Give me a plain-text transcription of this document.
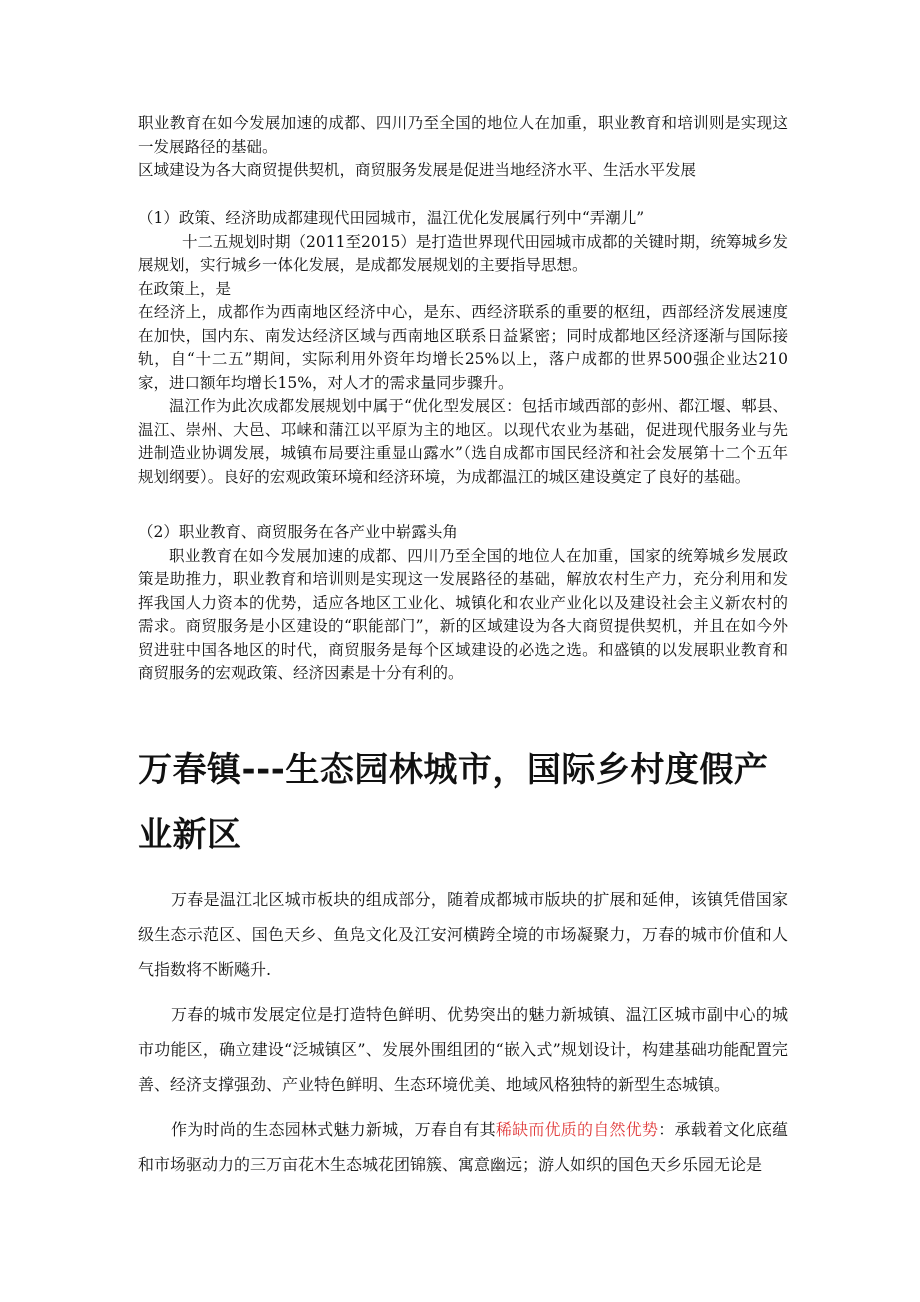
职业教育在如今发展加速的成都、四川乃至全国的地位人在加重，职业教育和培训则是实现这一发展路径的基础。

区域建设为各大商贸提供契机，商贸服务发展是促进当地经济水平、生活水平发展

（1）政策、经济助成都建现代田园城市，温江优化发展属行列中“弄潮儿”

十二五规划时期（2011至2015）是打造世界现代田园城市成都的关键时期，统筹城乡发展规划，实行城乡一体化发展，是成都发展规划的主要指导思想。

在政策上，是

在经济上，成都作为西南地区经济中心，是东、西经济联系的重要的枢纽，西部经济发展速度在加快，国内东、南发达经济区域与西南地区联系日益紧密；同时成都地区经济逐渐与国际接轨，自“十二五”期间，实际利用外资年均增长25%以上，落户成都的世界500强企业达210家，进口额年均增长15%，对人才的需求量同步骤升。

温江作为此次成都发展规划中属于“优化型发展区：包括市域西部的彭州、都江堰、郫县、温江、崇州、大邑、邛崃和蒲江以平原为主的地区。以现代农业为基础，促进现代服务业与先进制造业协调发展，城镇布局要注重显山露水”（选自成都市国民经济和社会发展第十二个五年规划纲要）。良好的宏观政策环境和经济环境，为成都温江的城区建设奠定了良好的基础。

（2）职业教育、商贸服务在各产业中崭露头角

职业教育在如今发展加速的成都、四川乃至全国的地位人在加重，国家的统筹城乡发展政策是助推力，职业教育和培训则是实现这一发展路径的基础，解放农村生产力，充分利用和发挥我国人力资本的优势，适应各地区工业化、城镇化和农业产业化以及建设社会主义新农村的需求。商贸服务是小区建设的“职能部门”，新的区域建设为各大商贸提供契机，并且在如今外贸进驻中国各地区的时代，商贸服务是每个区域建设的必选之选。和盛镇的以发展职业教育和商贸服务的宏观政策、经济因素是十分有利的。

万春镇---生态园林城市，国际乡村度假产业新区

万春是温江北区城市板块的组成部分，随着成都城市版块的扩展和延伸，该镇凭借国家级生态示范区、国色天乡、鱼凫文化及江安河横跨全境的市场凝聚力，万春的城市价值和人气指数将不断飚升.

万春的城市发展定位是打造特色鲜明、优势突出的魅力新城镇、温江区城市副中心的城市功能区，确立建设“泛城镇区”、发展外围组团的“嵌入式”规划设计，构建基础功能配置完善、经济支撑强劲、产业特色鲜明、生态环境优美、地域风格独特的新型生态城镇。

作为时尚的生态园林式魅力新城，万春自有其稀缺而优质的自然优势：承载着文化底蕴和市场驱动力的三万亩花木生态城花团锦簇、寓意幽远；游人如织的国色天乡乐园无论是
